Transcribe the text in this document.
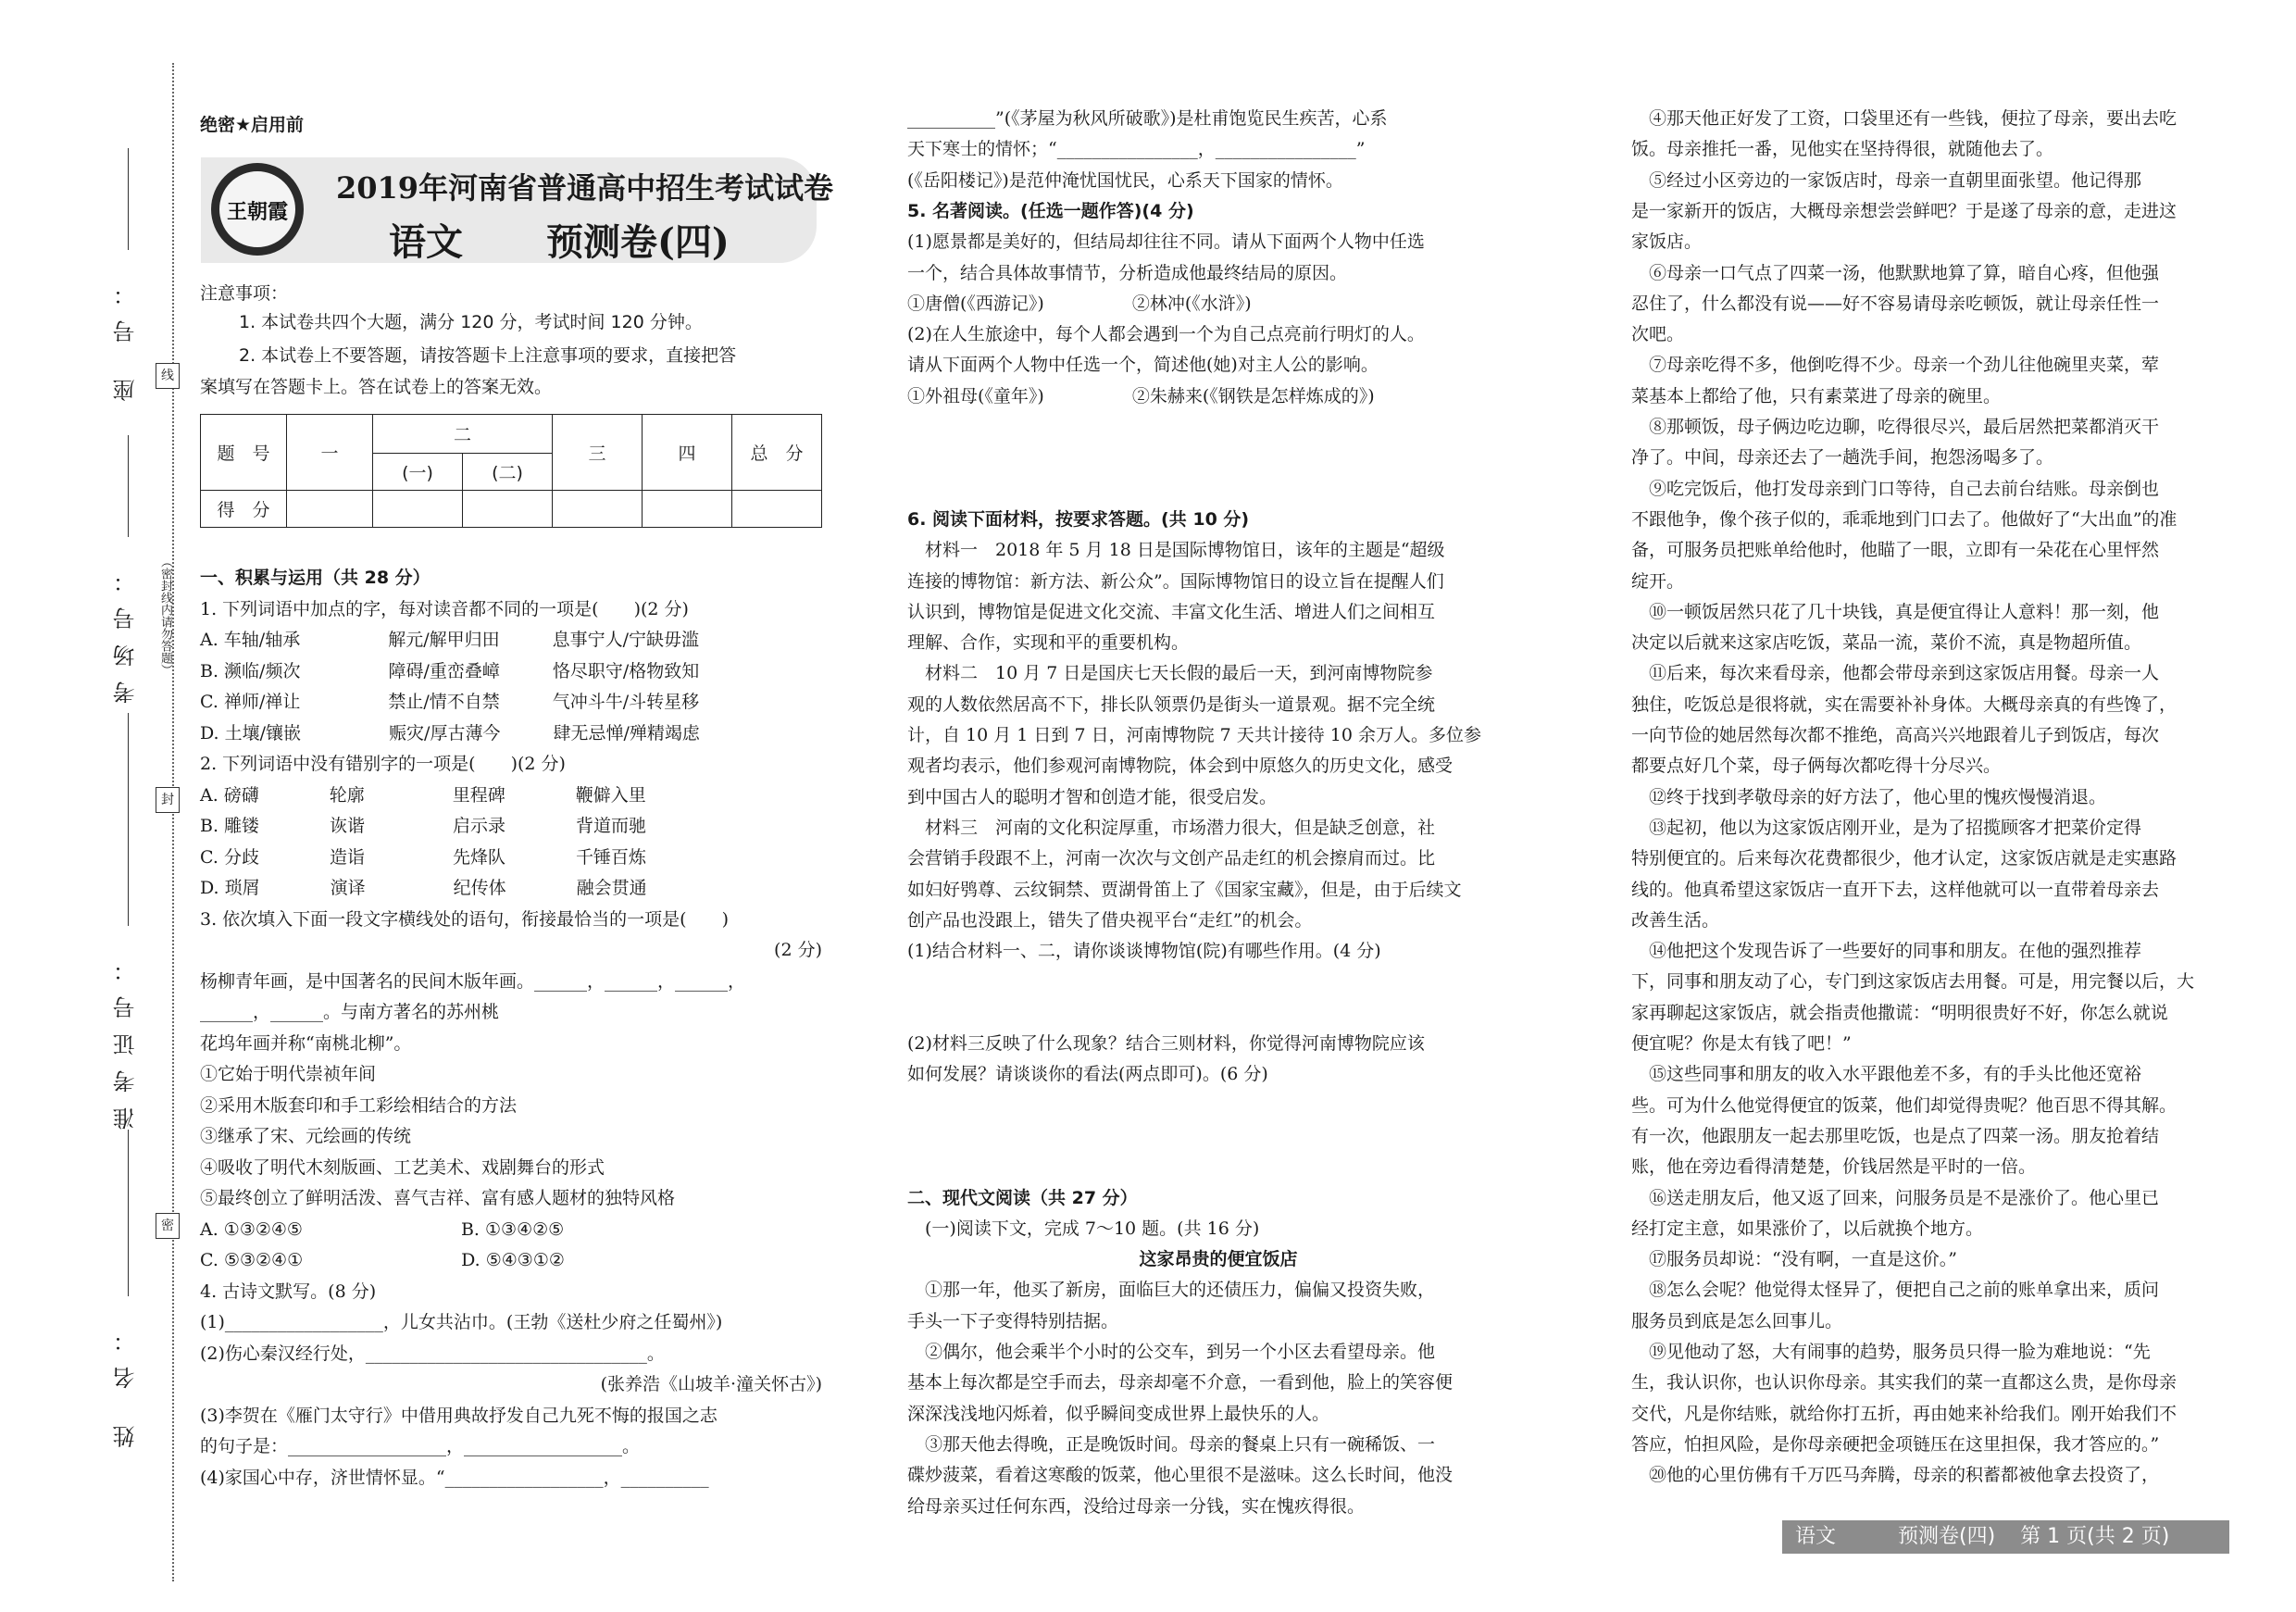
座 号：
考场号：
准考证号：
姓 名：
线
封
密
（密封线内请勿答题）
绝密★启用前
王朝霞
2019年河南省普通高中招生考试试卷
语文 预测卷(四)
注意事项：
1. 本试卷共四个大题，满分 120 分，考试时间 120 分钟。
2. 本试卷上不要答题，请按答题卡上注意事项的要求，直接把答
案填写在答题卡上。答在试卷上的答案无效。
题　号	一	二		三	四	总　分
		(一)	(二)			
得　分						
一、积累与运用（共 28 分）
1. 下列词语中加点的字，每对读音都不同的一项是(　　)(2 分)
A. 车轴/轴承　　　　　解元/解甲归田　　　息事宁人/宁缺毋滥
B. 濒临/频次　　　　　障碍/重峦叠嶂　　　恪尽职守/格物致知
C. 禅师/禅让　　　　　禁止/情不自禁　　　气冲斗牛/斗转星移
D. 土壤/镶嵌　　　　　赈灾/厚古薄今　　　肆无忌惮/殚精竭虑
2. 下列词语中没有错别字的一项是(　　)(2 分)
A. 磅礴　　　　轮廓　　　　　里程碑　　　　鞭僻入里
B. 雕镂　　　　诙谐　　　　　启示录　　　　背道而驰
C. 分歧　　　　造诣　　　　　先烽队　　　　千锤百炼
D. 琐屑　　　　演译　　　　　纪传体　　　　融会贯通
3. 依次填入下面一段文字横线处的语句，衔接最恰当的一项是(　　)
(2 分)
杨柳青年画，是中国著名的民间木版年画。______，______，______，
______，______。与南方著名的苏州桃
花坞年画并称“南桃北柳”。
①它始于明代崇祯年间
②采用木版套印和手工彩绘相结合的方法
③继承了宋、元绘画的传统
④吸收了明代木刻版画、工艺美术、戏剧舞台的形式
⑤最终创立了鲜明活泼、喜气吉祥、富有感人题材的独特风格
A. ①③②④⑤　　　　　　　　　B. ①③④②⑤
C. ⑤③②④①　　　　　　　　　D. ⑤④③①②
4. 古诗文默写。(8 分)
(1)__________________，儿女共沾巾。(王勃《送杜少府之任蜀州》)
(2)伤心秦汉经行处，________________________________。
(张养浩《山坡羊·潼关怀古》)
(3)李贺在《雁门太守行》中借用典故抒发自己九死不悔的报国之志
的句子是：__________________，__________________。
(4)家国心中存，济世情怀显。“__________________，__________
__________”(《茅屋为秋风所破歌》)是杜甫饱览民生疾苦，心系
天下寒士的情怀；“________________，________________”
(《岳阳楼记》)是范仲淹忧国忧民，心系天下国家的情怀。
5. 名著阅读。(任选一题作答)(4 分)
(1)愿景都是美好的，但结局却往往不同。请从下面两个人物中任选
一个，结合具体故事情节，分析造成他最终结局的原因。
①唐僧(《西游记》)　　　　　②林冲(《水浒》)
(2)在人生旅途中，每个人都会遇到一个为自己点亮前行明灯的人。
请从下面两个人物中任选一个，简述他(她)对主人公的影响。
①外祖母(《童年》)　　　　　②朱赫来(《钢铁是怎样炼成的》)
6. 阅读下面材料，按要求答题。(共 10 分)
　材料一　2018 年 5 月 18 日是国际博物馆日，该年的主题是“超级
连接的博物馆：新方法、新公众”。国际博物馆日的设立旨在提醒人们
认识到，博物馆是促进文化交流、丰富文化生活、增进人们之间相互
理解、合作，实现和平的重要机构。
　材料二　10 月 7 日是国庆七天长假的最后一天，到河南博物院参
观的人数依然居高不下，排长队领票仍是街头一道景观。据不完全统
计，自 10 月 1 日到 7 日，河南博物院 7 天共计接待 10 余万人。多位参
观者均表示，他们参观河南博物院，体会到中原悠久的历史文化，感受
到中国古人的聪明才智和创造才能，很受启发。
　材料三　河南的文化积淀厚重，市场潜力很大，但是缺乏创意，社
会营销手段跟不上，河南一次次与文创产品走红的机会擦肩而过。比
如妇好鸮尊、云纹铜禁、贾湖骨笛上了《国家宝藏》，但是，由于后续文
创产品也没跟上，错失了借央视平台“走红”的机会。
(1)结合材料一、二，请你谈谈博物馆(院)有哪些作用。(4 分)
(2)材料三反映了什么现象？结合三则材料，你觉得河南博物院应该
如何发展？请谈谈你的看法(两点即可)。(6 分)
二、现代文阅读（共 27 分）
　(一)阅读下文，完成 7～10 题。(共 16 分)
这家昂贵的便宜饭店
　①那一年，他买了新房，面临巨大的还债压力，偏偏又投资失败，
手头一下子变得特别拮据。
　②偶尔，他会乘半个小时的公交车，到另一个小区去看望母亲。他
基本上每次都是空手而去，母亲却毫不介意，一看到他，脸上的笑容便
深深浅浅地闪烁着，似乎瞬间变成世界上最快乐的人。
　③那天他去得晚，正是晚饭时间。母亲的餐桌上只有一碗稀饭、一
碟炒菠菜，看着这寒酸的饭菜，他心里很不是滋味。这么长时间，他没
给母亲买过任何东西，没给过母亲一分钱，实在愧疚得很。
　④那天他正好发了工资，口袋里还有一些钱，便拉了母亲，要出去吃
饭。母亲推托一番，见他实在坚持得很，就随他去了。
　⑤经过小区旁边的一家饭店时，母亲一直朝里面张望。他记得那
是一家新开的饭店，大概母亲想尝尝鲜吧？于是遂了母亲的意，走进这
家饭店。
　⑥母亲一口气点了四菜一汤，他默默地算了算，暗自心疼，但他强
忍住了，什么都没有说——好不容易请母亲吃顿饭，就让母亲任性一
次吧。
　⑦母亲吃得不多，他倒吃得不少。母亲一个劲儿往他碗里夹菜，荤
菜基本上都给了他，只有素菜进了母亲的碗里。
　⑧那顿饭，母子俩边吃边聊，吃得很尽兴，最后居然把菜都消灭干
净了。中间，母亲还去了一趟洗手间，抱怨汤喝多了。
　⑨吃完饭后，他打发母亲到门口等待，自己去前台结账。母亲倒也
不跟他争，像个孩子似的，乖乖地到门口去了。他做好了“大出血”的准
备，可服务员把账单给他时，他瞄了一眼，立即有一朵花在心里怦然
绽开。
　⑩一顿饭居然只花了几十块钱，真是便宜得让人意料！那一刻，他
决定以后就来这家店吃饭，菜品一流，菜价不流，真是物超所值。
　⑪后来，每次来看母亲，他都会带母亲到这家饭店用餐。母亲一人
独住，吃饭总是很将就，实在需要补补身体。大概母亲真的有些馋了，
一向节俭的她居然每次都不推绝，高高兴兴地跟着儿子到饭店，每次
都要点好几个菜，母子俩每次都吃得十分尽兴。
　⑫终于找到孝敬母亲的好方法了，他心里的愧疚慢慢消退。
　⑬起初，他以为这家饭店刚开业，是为了招揽顾客才把菜价定得
特别便宜的。后来每次花费都很少，他才认定，这家饭店就是走实惠路
线的。他真希望这家饭店一直开下去，这样他就可以一直带着母亲去
改善生活。
　⑭他把这个发现告诉了一些要好的同事和朋友。在他的强烈推荐
下，同事和朋友动了心，专门到这家饭店去用餐。可是，用完餐以后，大
家再聊起这家饭店，就会指责他撒谎：“明明很贵好不好，你怎么就说
便宜呢？你是太有钱了吧！”
　⑮这些同事和朋友的收入水平跟他差不多，有的手头比他还宽裕
些。可为什么他觉得便宜的饭菜，他们却觉得贵呢？他百思不得其解。
有一次，他跟朋友一起去那里吃饭，也是点了四菜一汤。朋友抢着结
账，他在旁边看得清楚楚，价钱居然是平时的一倍。
　⑯送走朋友后，他又返了回来，问服务员是不是涨价了。他心里已
经打定主意，如果涨价了，以后就换个地方。
　⑰服务员却说：“没有啊，一直是这价。”
　⑱怎么会呢？他觉得太怪异了，便把自己之前的账单拿出来，质问
服务员到底是怎么回事儿。
　⑲见他动了怒，大有闹事的趋势，服务员只得一脸为难地说：“先
生，我认识你，也认识你母亲。其实我们的菜一直都这么贵，是你母亲
交代，凡是你结账，就给你打五折，再由她来补给我们。刚开始我们不
答应，怕担风险，是你母亲硬把金项链压在这里担保，我才答应的。”
　⑳他的心里仿佛有千万匹马奔腾，母亲的积蓄都被他拿去投资了，
语文	预测卷(四) 第 1 页(共 2 页)
